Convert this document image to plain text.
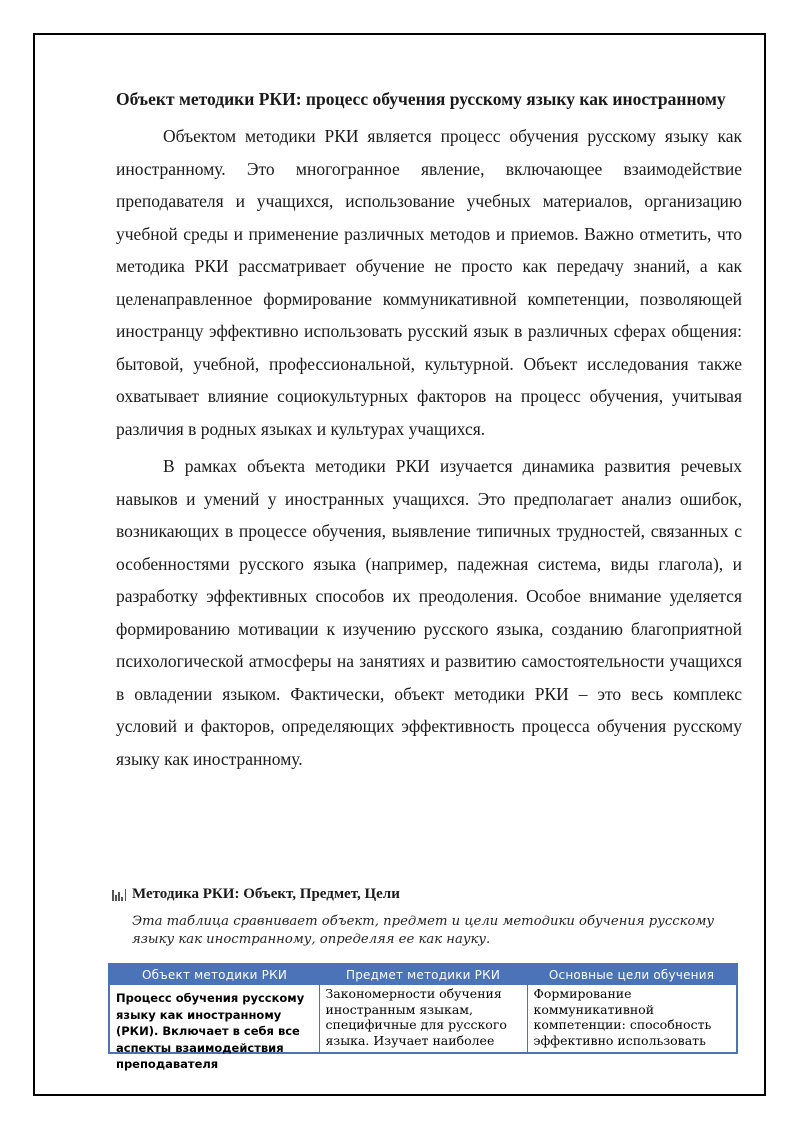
Объект методики РКИ: процесс обучения русскому языку как иностранному

Объектом методики РКИ является процесс обучения русскому языку как иностранному. Это многогранное явление, включающее взаимодействие преподавателя и учащихся, использование учебных материалов, организацию учебной среды и применение различных методов и приемов. Важно отметить, что методика РКИ рассматривает обучение не просто как передачу знаний, а как целенаправленное формирование коммуникативной компетенции, позволяющей иностранцу эффективно использовать русский язык в различных сферах общения: бытовой, учебной, профессиональной, культурной. Объект исследования также охватывает влияние социокультурных факторов на процесс обучения, учитывая различия в родных языках и культурах учащихся.

В рамках объекта методики РКИ изучается динамика развития речевых навыков и умений у иностранных учащихся. Это предполагает анализ ошибок, возникающих в процессе обучения, выявление типичных трудностей, связанных с особенностями русского языка (например, падежная система, виды глагола), и разработку эффективных способов их преодоления. Особое внимание уделяется формированию мотивации к изучению русского языка, созданию благоприятной психологической атмосферы на занятиях и развитию самостоятельности учащихся в овладении языком. Фактически, объект методики РКИ – это весь комплекс условий и факторов, определяющих эффективность процесса обучения русскому языку как иностранному.

Методика РКИ: Объект, Предмет, Цели
Эта таблица сравнивает объект, предмет и цели методики обучения русскому языку как иностранному, определяя ее как науку.
Объект методики РКИ	Предмет методики РКИ	Основные цели обучения

Процесс обучения русскому языку как иностранному (РКИ). Включает в себя все аспекты взаимодействия преподавателя	Закономерности обучения иностранным языкам, специфичные для русского языка. Изучает наиболее	Формирование коммуникативной компетенции: способность эффективно использовать
